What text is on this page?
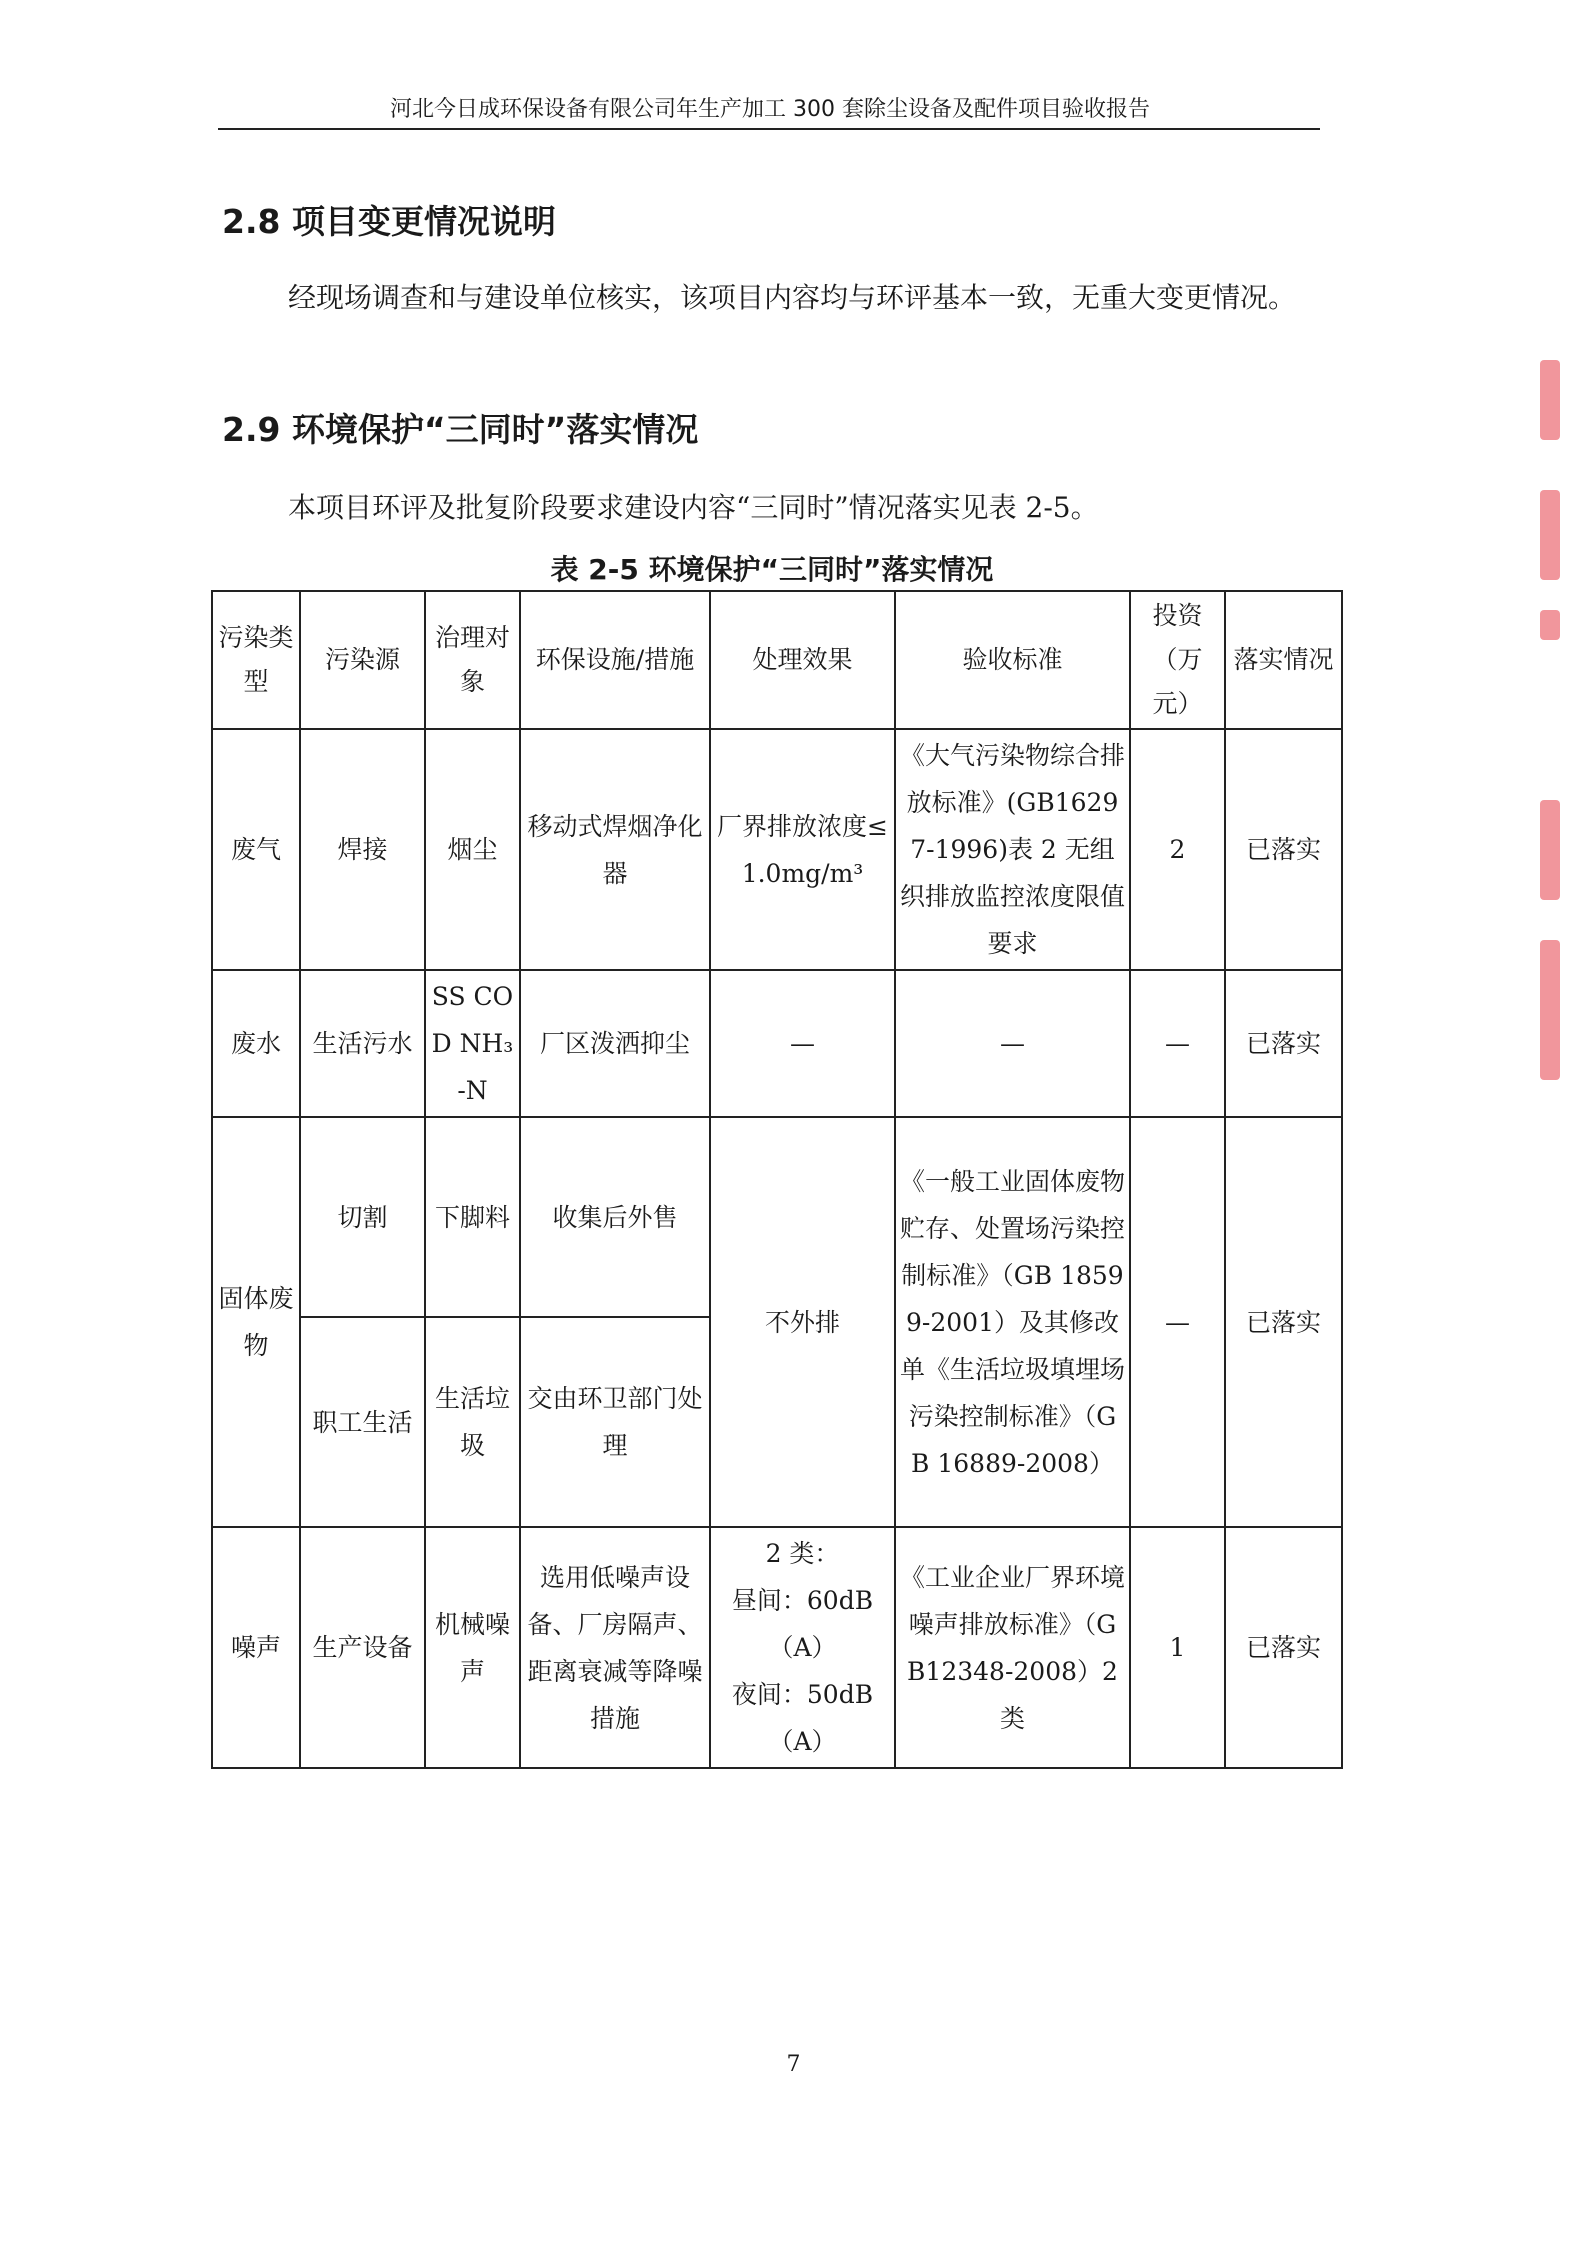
河北今日成环保设备有限公司年生产加工 300 套除尘设备及配件项目验收报告
2.8 项目变更情况说明
经现场调查和与建设单位核实，该项目内容均与环评基本一致，无重大变更情况。
2.9 环境保护“三同时”落实情况
本项目环评及批复阶段要求建设内容“三同时”情况落实见表 2-5。
表 2-5 环境保护“三同时”落实情况
污染类型	污染源	治理对象	环保设施/措施	处理效果	验收标准	投资（万元）	落实情况
废气	焊接	烟尘	移动式焊烟净化器	厂界排放浓度≤1.0mg/m³	《大气污染物综合排放标准》(GB16297-1996)表 2 无组织排放监控浓度限值要求	2	已落实
废水	生活污水	SS COD NH₃-N	厂区泼洒抑尘	—	—	—	已落实
固体废物	切割	下脚料	收集后外售	不外排	《一般工业固体废物贮存、处置场污染控制标准》（GB 18599-2001）及其修改单《生活垃圾填埋场污染控制标准》（GB 16889-2008）	—	已落实
	职工生活	生活垃圾	交由环卫部门处理				
噪声	生产设备	机械噪声	选用低噪声设备、厂房隔声、距离衰减等降噪措施	2 类：
昼间：60dB（A）
夜间：50dB（A）	《工业企业厂界环境噪声排放标准》（GB12348-2008）2 类	1	已落实
7
